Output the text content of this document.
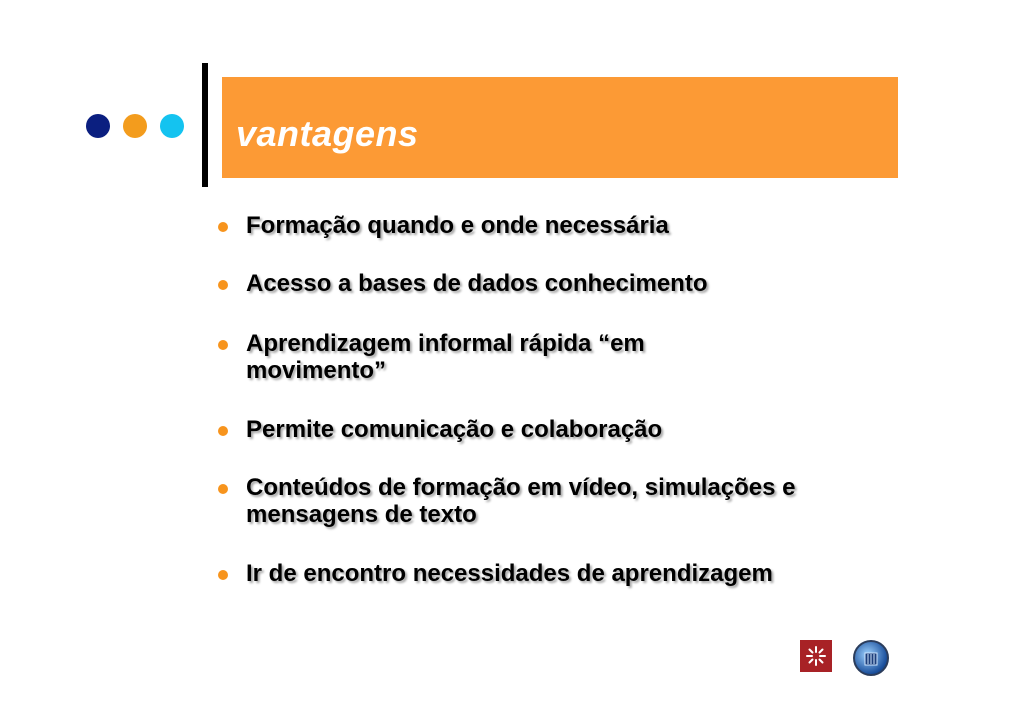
vantagens
Formação quando e onde necessária
Acesso a bases de dados conhecimento
Aprendizagem informal rápida “em movimento”
Permite comunicação e colaboração
Conteúdos de formação em vídeo, simulações e mensagens de texto
Ir de encontro necessidades de aprendizagem
